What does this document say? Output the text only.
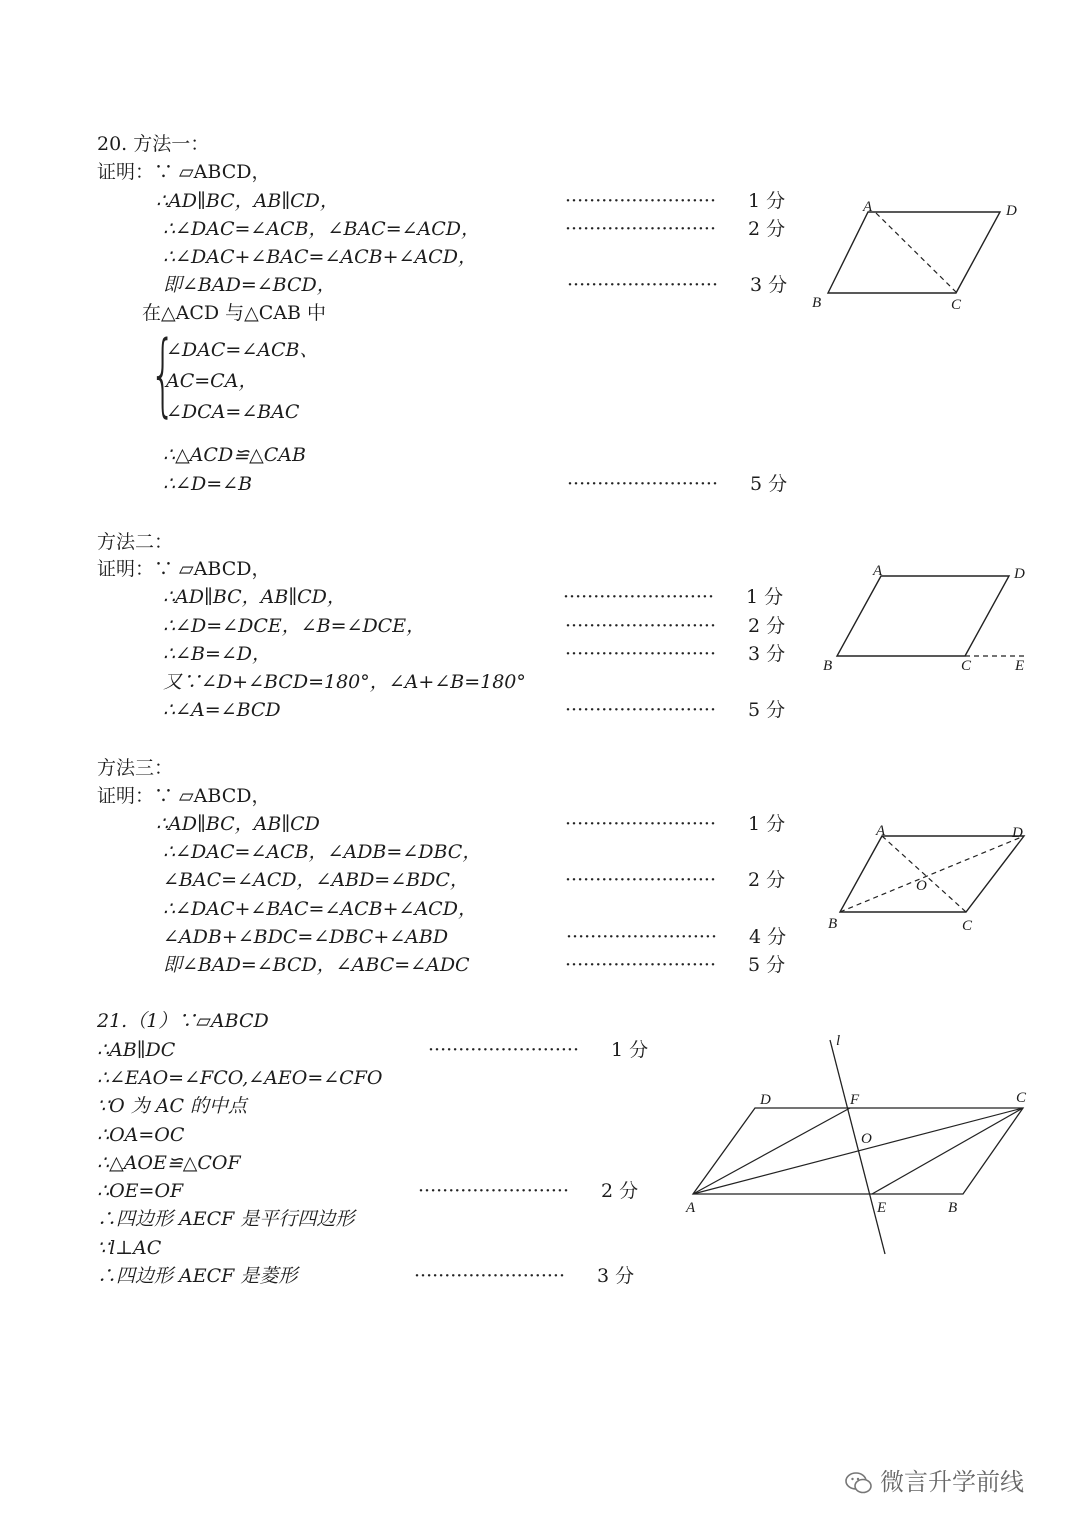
20. 方法一：
证明：∵ ▱ABCD，
∴AD∥BC，AB∥CD，	························· 1 分
∴∠DAC=∠ACB，∠BAC=∠ACD，	························· 2 分
∴∠DAC+∠BAC=∠ACB+∠ACD，
即∠BAD=∠BCD，	························· 3 分
在△ACD 与△CAB 中
{
∠DAC=∠ACB、
AC=CA，
∠DCA=∠BAC
∴△ACD≌△CAB
∴∠D=∠B	························· 5 分
A	D
B	C
方法二：
证明：∵ ▱ABCD，
∴AD∥BC，AB∥CD，	························· 1 分
∴∠D=∠DCE，∠B=∠DCE，	························· 2 分
∴∠B=∠D，	························· 3 分
又∵∠D+∠BCD=180°，∠A+∠B=180°
∴∠A=∠BCD	························· 5 分
A	D
B	C	E
方法三：
证明：∵ ▱ABCD，
∴AD∥BC，AB∥CD	························· 1 分
∴∠DAC=∠ACB，∠ADB=∠DBC，
∠BAC=∠ACD，∠ABD=∠BDC，	························· 2 分
∴∠DAC+∠BAC=∠ACB+∠ACD，
∠ADB+∠BDC=∠DBC+∠ABD	························· 4 分
即∠BAD=∠BCD，∠ABC=∠ADC	························· 5 分
A	D
B	C
O
21.（1）∵▱ABCD
∴AB∥DC	························· 1 分
∴∠EAO=∠FCO,∠AEO=∠CFO
∵O 为 AC 的中点
∴OA=OC
∴△AOE≌△COF
∴OE=OF	························· 2 分
∴四边形 AECF 是平行四边形
∵l⊥AC
∴四边形 AECF 是菱形	························· 3 分
l
D	F	C
O
A	E	B
微言升学前线
